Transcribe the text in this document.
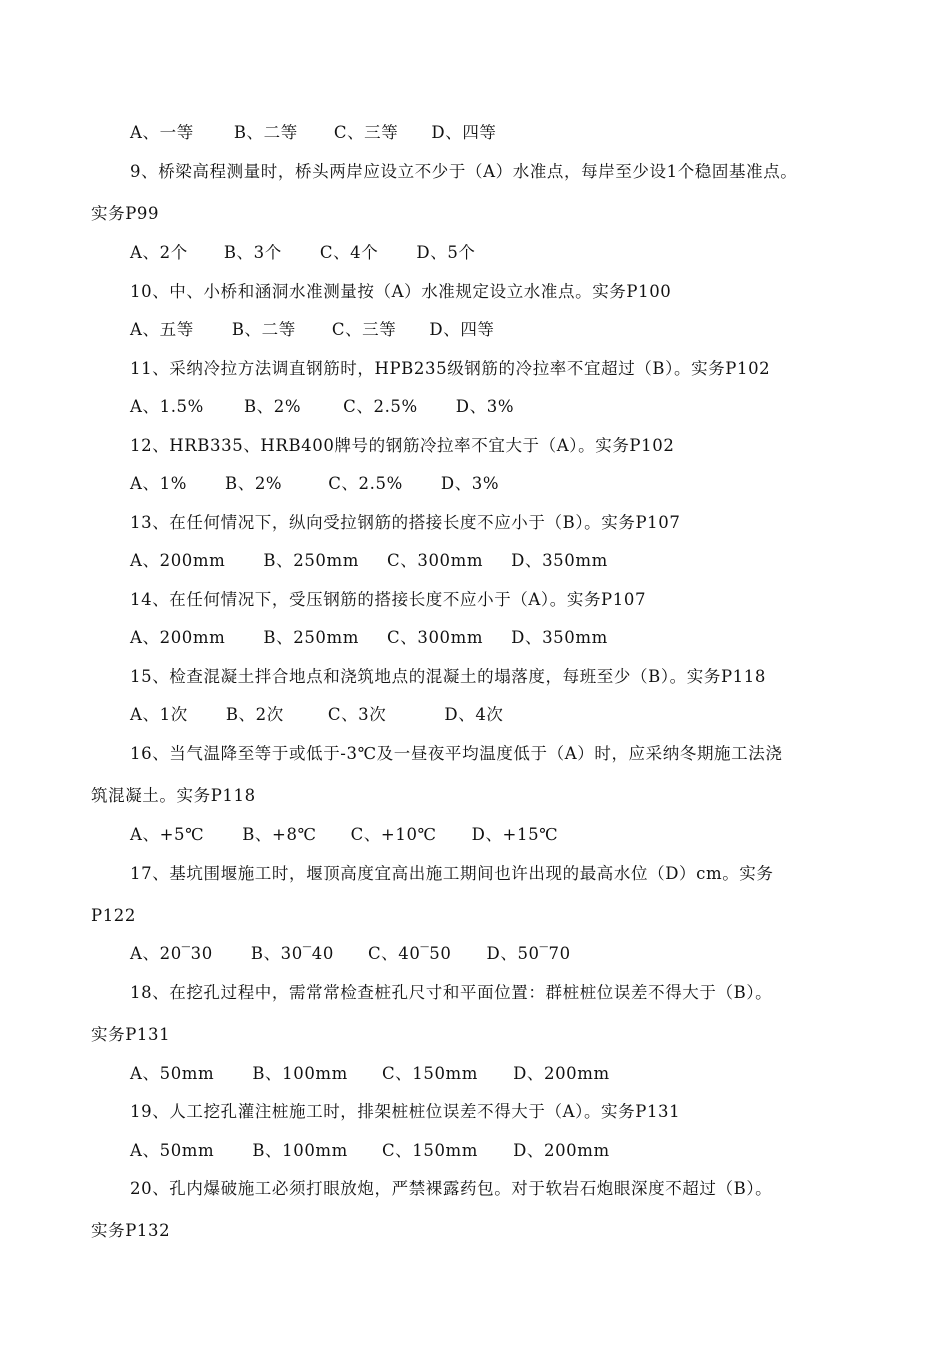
A、一等 B、二等 C、三等 D、四等
9、桥梁高程测量时，桥头两岸应设立不少于（A）水准点，每岸至少设1个稳固基准点。
实务P99
A、2个 B、3个 C、4个 D、5个
10、中、小桥和涵洞水准测量按（A）水准规定设立水准点。实务P100
A、五等 B、二等 C、三等 D、四等
11、采纳冷拉方法调直钢筋时，HPB235级钢筋的冷拉率不宜超过（B）。实务P102
A、1.5% B、2%	C、2.5% D、3%
12、HRB335、HRB400牌号的钢筋冷拉率不宜大于（A）。实务P102
A、1% B、2%	C、2.5% D、3%
13、在任何情况下，纵向受拉钢筋的搭接长度不应小于（B）。实务P107
A、200mm B、250mm C、300mm D、350mm
14、在任何情况下，受压钢筋的搭接长度不应小于（A）。实务P107
A、200mm B、250mm C、300mm D、350mm
15、检查混凝土拌合地点和浇筑地点的混凝土的塌落度，每班至少（B）。实务P118
A、1次 B、2次	C、3次	D、4次
16、当气温降至等于或低于-3℃及一昼夜平均温度低于（A）时，应采纳冬期施工法浇
筑混凝土。实务P118
A、+5℃ B、+8℃ C、+10℃ D、+15℃
17、基坑围堰施工时，堰顶高度宜高出施工期间也许出现的最高水位（D）cm。实务
P122
A、20‾30 B、30‾40 C、40‾50 D、50‾70
18、在挖孔过程中，需常常检查桩孔尺寸和平面位置：群桩桩位误差不得大于（B）。
实务P131
A、50mm B、100mm C、150mm D、200mm
19、人工挖孔灌注桩施工时，排架桩桩位误差不得大于（A）。实务P131
A、50mm B、100mm C、150mm D、200mm
20、孔内爆破施工必须打眼放炮，严禁裸露药包。对于软岩石炮眼深度不超过（B）。
实务P132
